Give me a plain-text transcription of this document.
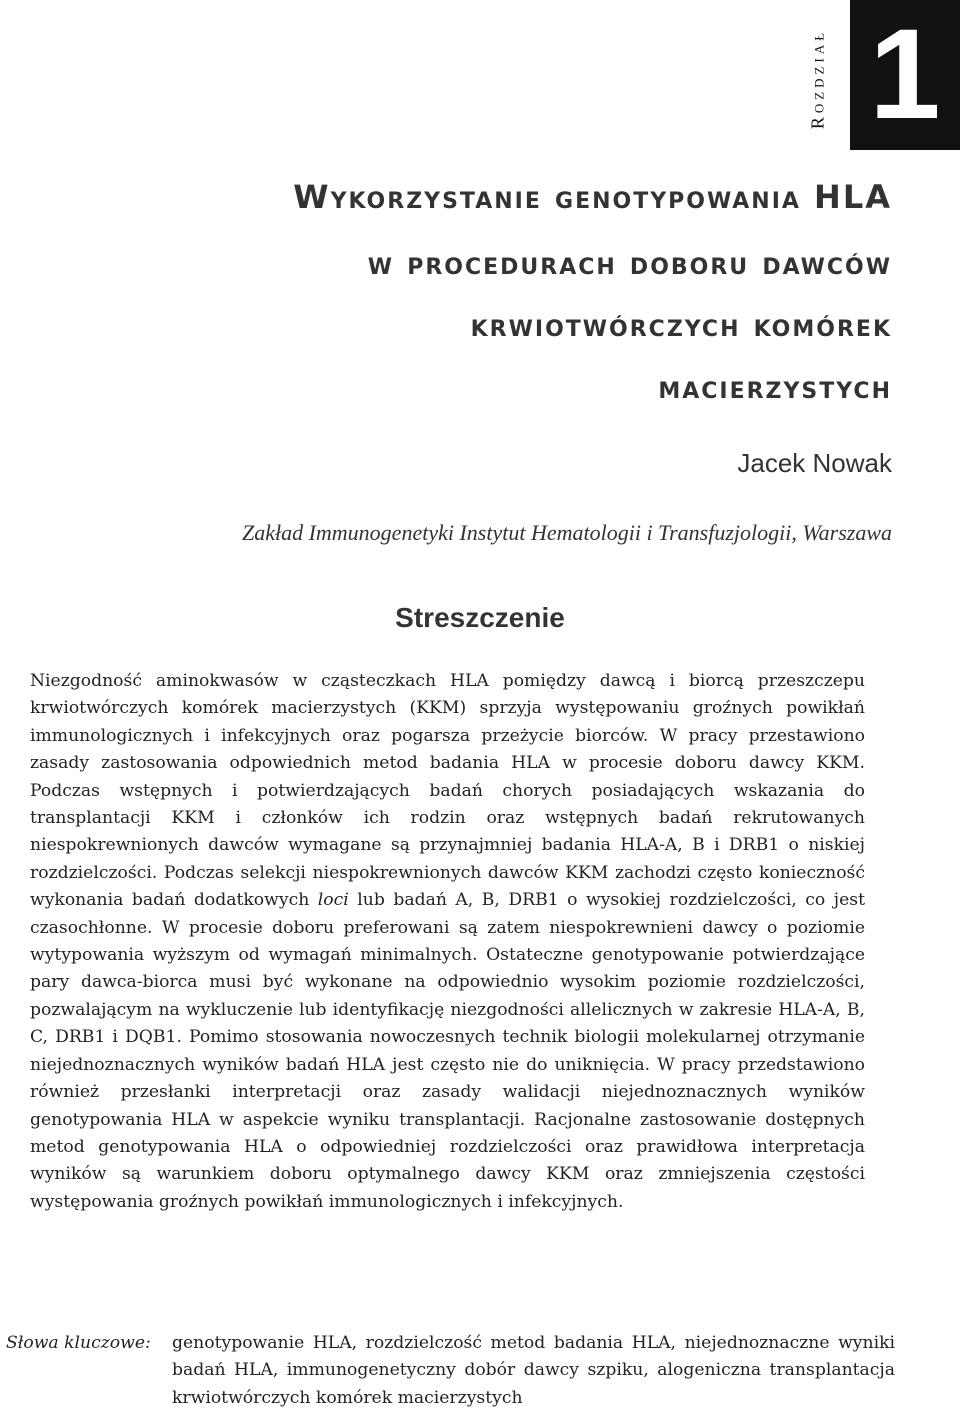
Rozdział 1
Wykorzystanie genotypowania HLA
w procedurach doboru dawców
krwiotwórczych komórek
macierzystych
Jacek Nowak
Zakład Immunogenetyki Instytut Hematologii i Transfuzjologii, Warszawa
Streszczenie

Niezgodność aminokwasów w cząsteczkach HLA pomiędzy dawcą i biorcą przeszczepu krwiotwórczych komórek macierzystych (KKM) sprzyja występowaniu groźnych powikłań immunologicznych i infekcyjnych oraz pogarsza przeżycie biorców. W pracy przestawiono zasady zastosowania odpowiednich metod badania HLA w procesie doboru dawcy KKM. Podczas wstępnych i potwierdzających badań chorych posiadających wskazania do transplantacji KKM i członków ich rodzin oraz wstępnych badań rekrutowanych niespokrewnionych dawców wymagane są przynajmniej badania HLA-A, B i DRB1 o niskiej rozdzielczości. Podczas selekcji niespokrewnionych dawców KKM zachodzi często konieczność wykonania badań dodatkowych loci lub badań A, B, DRB1 o wysokiej rozdzielczości, co jest czasochłonne. W procesie doboru preferowani są zatem niespokrewnieni dawcy o poziomie wytypowania wyższym od wymagań minimalnych. Ostateczne genotypowanie potwierdzające pary dawca-biorca musi być wykonane na odpowiednio wysokim poziomie rozdzielczości, pozwalającym na wykluczenie lub identyfikację niezgodności allelicznych w zakresie HLA-A, B, C, DRB1 i DQB1. Pomimo stosowania nowoczesnych technik biologii molekularnej otrzymanie niejednoznacznych wyników badań HLA jest często nie do uniknięcia. W pracy przedstawiono również przesłanki interpretacji oraz zasady walidacji niejednoznacznych wyników genotypowania HLA w aspekcie wyniku transplantacji. Racjonalne zastosowanie dostępnych metod genotypowania HLA o odpowiedniej rozdzielczości oraz prawidłowa interpretacja wyników są warunkiem doboru optymalnego dawcy KKM oraz zmniejszenia częstości występowania groźnych powikłań immunologicznych i infekcyjnych.

Słowa kluczowe: genotypowanie HLA, rozdzielczość metod badania HLA, niejednoznaczne wyniki badań HLA, immunogenetyczny dobór dawcy szpiku, alogeniczna transplantacja krwiotwórczych komórek macierzystych
